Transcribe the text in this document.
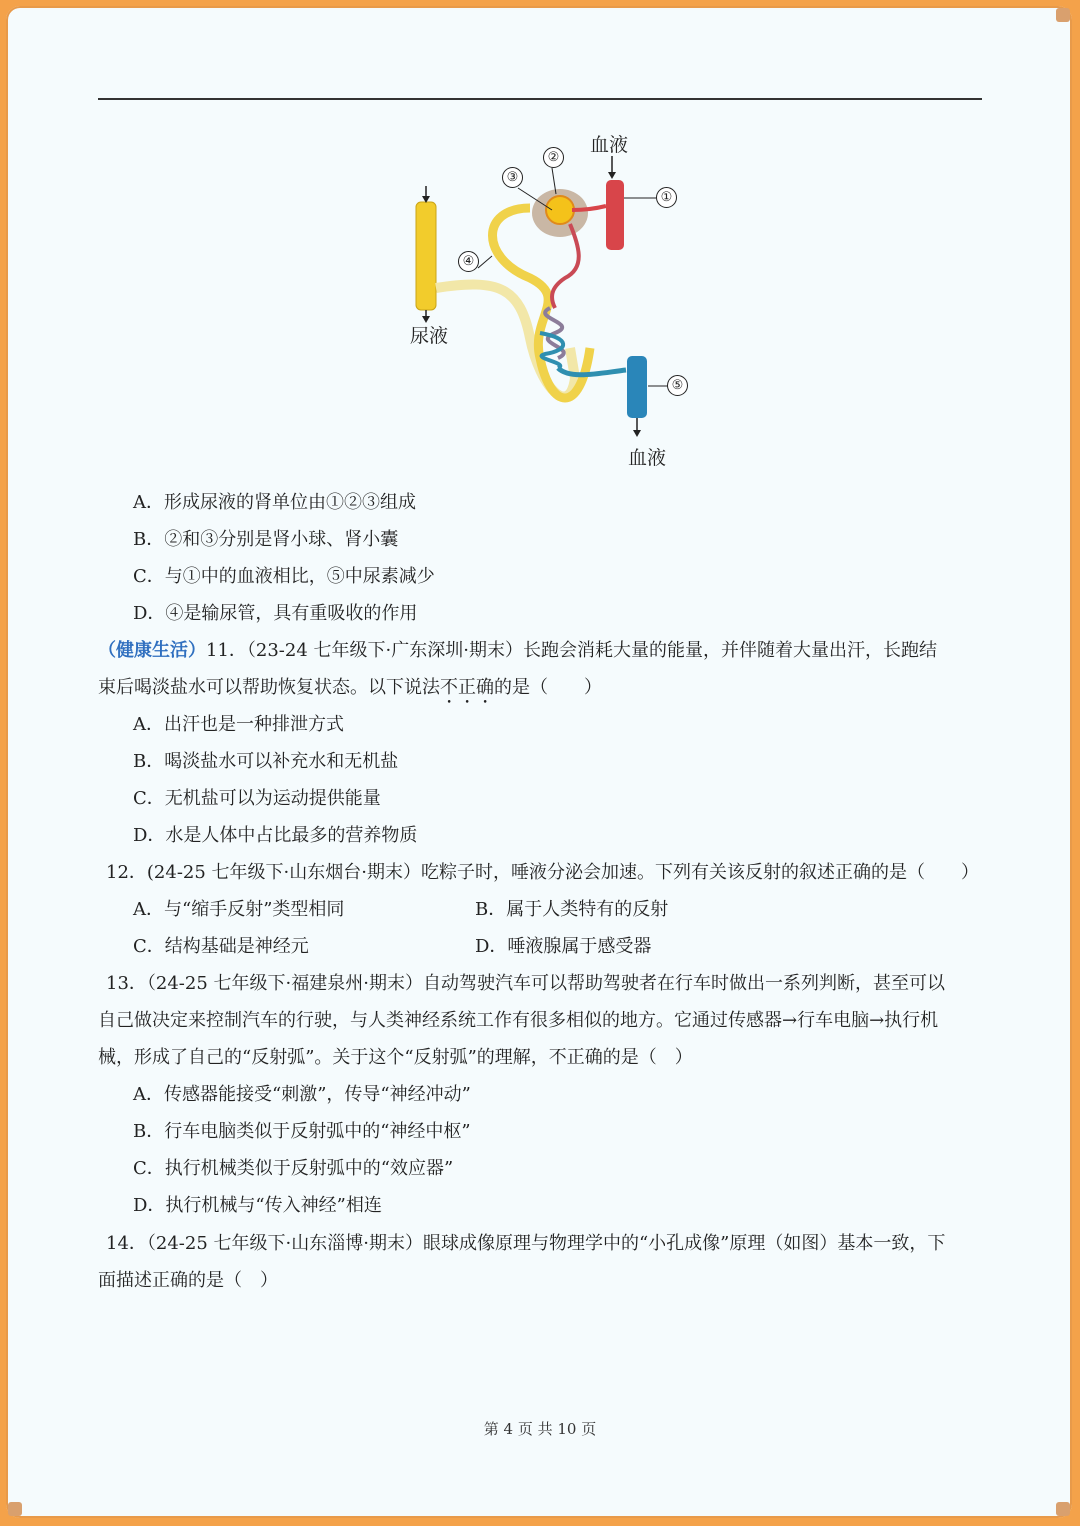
血液
血液
尿液
①
②
③
④
⑤
A．形成尿液的肾单位由①②③组成
B．②和③分别是肾小球、肾小囊
C．与①中的血液相比，⑤中尿素减少
D．④是输尿管，具有重吸收的作用
（健康生活）11．（23-24 七年级下·广东深圳·期末）长跑会消耗大量的能量，并伴随着大量出汗，长跑结
束后喝淡盐水可以帮助恢复状态。以下说法不正确的是（　　）
A．出汗也是一种排泄方式
B．喝淡盐水可以补充水和无机盐
C．无机盐可以为运动提供能量
D．水是人体中占比最多的营养物质
12．(24-25 七年级下·山东烟台·期末）吃粽子时，唾液分泌会加速。下列有关该反射的叙述正确的是（　　）
A．与“缩手反射”类型相同	B．属于人类特有的反射
C．结构基础是神经元	D．唾液腺属于感受器
13．（24-25 七年级下·福建泉州·期末）自动驾驶汽车可以帮助驾驶者在行车时做出一系列判断，甚至可以
自己做决定来控制汽车的行驶，与人类神经系统工作有很多相似的地方。它通过传感器→行车电脑→执行机
械，形成了自己的“反射弧”。关于这个“反射弧”的理解，不正确的是（　）
A．传感器能接受“刺激”，传导“神经冲动”
B．行车电脑类似于反射弧中的“神经中枢”
C．执行机械类似于反射弧中的“效应器”
D．执行机械与“传入神经”相连
14．（24-25 七年级下·山东淄博·期末）眼球成像原理与物理学中的“小孔成像”原理（如图）基本一致，下
面描述正确的是（　）
第 4 页 共 10 页
